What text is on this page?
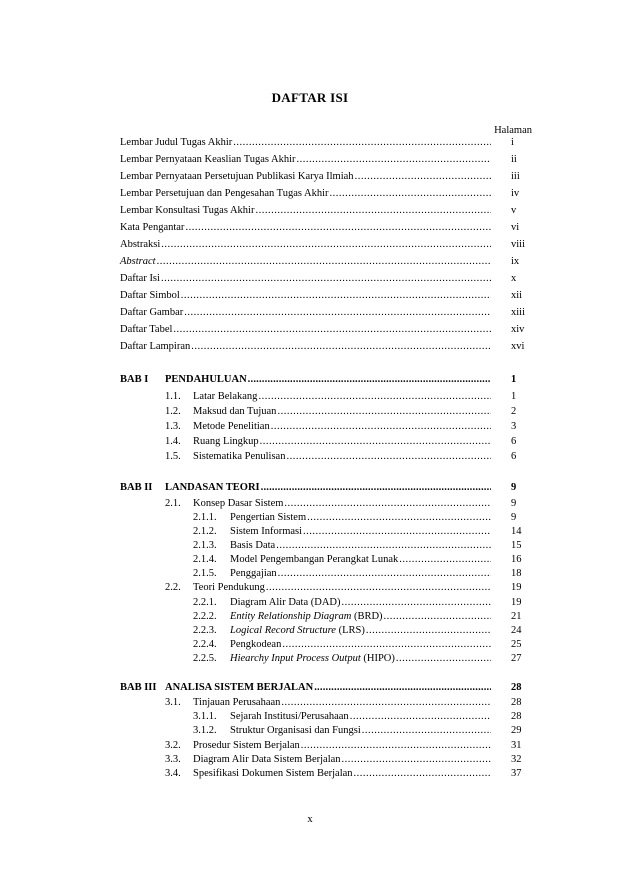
DAFTAR ISI
Halaman
Lembar Judul Tugas Akhir .....	i
Lembar Pernyataan Keaslian Tugas Akhir .....	ii
Lembar Pernyataan Persetujuan Publikasi Karya Ilmiah .....	iii
Lembar Persetujuan dan Pengesahan Tugas Akhir .....	iv
Lembar Konsultasi Tugas Akhir .....	v
Kata Pengantar .....	vi
Abstraksi .....	viii
Abstract .....	ix
Daftar Isi .....	x
Daftar Simbol .....	xii
Daftar Gambar .....	xiii
Daftar Tabel .....	xiv
Daftar Lampiran .....	xvi
BAB I PENDAHULUAN .....	1
1.1. Latar Belakang .....	1
1.2. Maksud dan Tujuan .....	2
1.3. Metode Penelitian .....	3
1.4. Ruang Lingkup .....	6
1.5. Sistematika Penulisan .....	6
BAB II LANDASAN TEORI .....	9
2.1. Konsep Dasar Sistem .....	9
2.1.1. Pengertian Sistem .....	9
2.1.2. Sistem Informasi .....	14
2.1.3. Basis Data .....	15
2.1.4. Model Pengembangan Perangkat Lunak .....	16
2.1.5. Penggajian .....	18
2.2. Teori Pendukung .....	19
2.2.1. Diagram Alir Data (DAD) .....	19
2.2.2. Entity Relationship Diagram (BRD) .....	21
2.2.3. Logical Record Structure (LRS) .....	24
2.2.4. Pengkodean .....	25
2.2.5. Hiearchy Input Process Output (HIPO) .....	27
BAB III ANALISA SISTEM BERJALAN .....	28
3.1. Tinjauan Perusahaan .....	28
3.1.1. Sejarah Institusi/Perusahaan .....	28
3.1.2. Struktur Organisasi dan Fungsi .....	29
3.2. Prosedur Sistem Berjalan .....	31
3.3. Diagram Alir Data Sistem Berjalan .....	32
3.4. Spesifikasi Dokumen Sistem Berjalan .....	37
x
